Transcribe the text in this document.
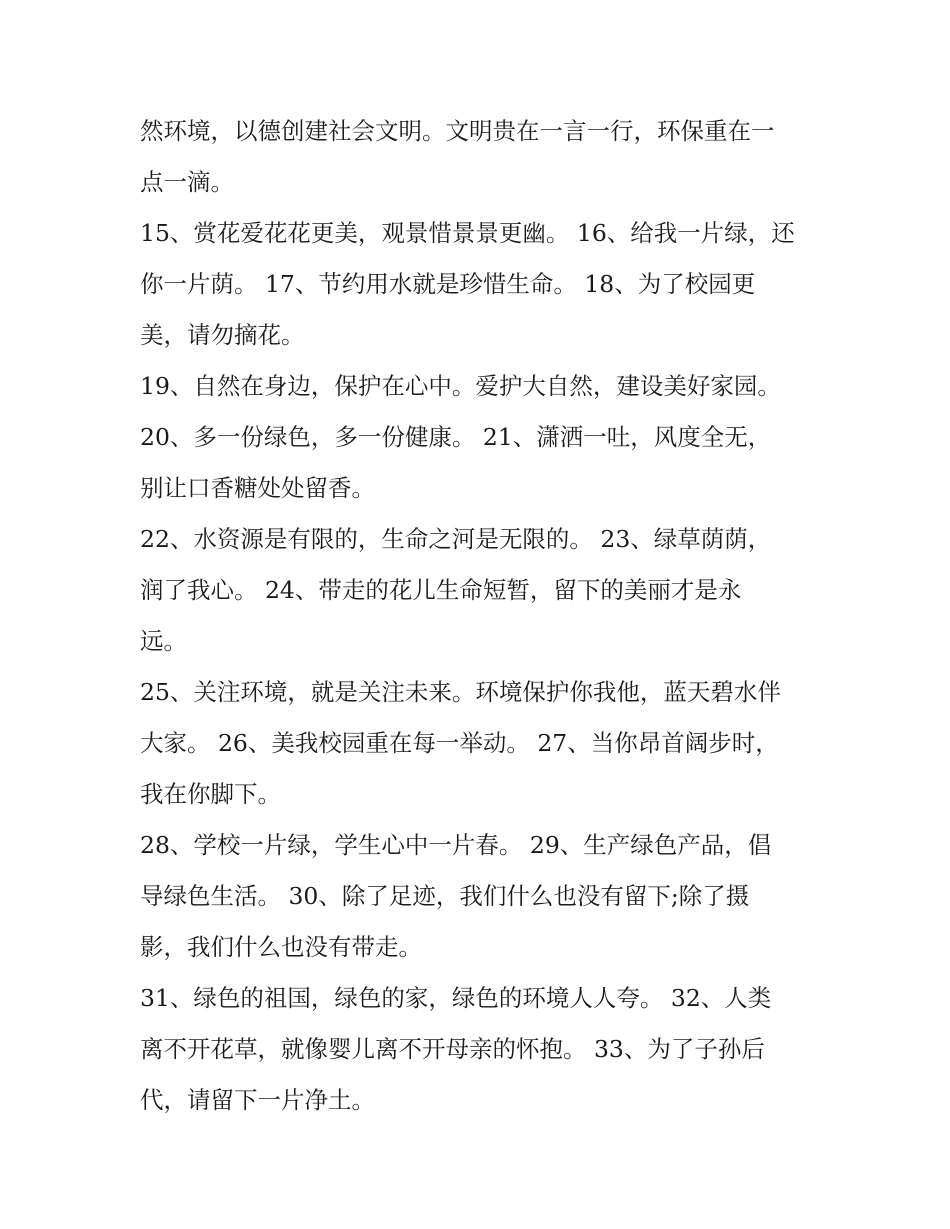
然环境，以德创建社会文明。文明贵在一言一行，环保重在一
点一滴。
15、赏花爱花花更美，观景惜景景更幽。 16、给我一片绿，还
你一片荫。 17、节约用水就是珍惜生命。 18、为了校园更
美，请勿摘花。
19、自然在身边，保护在心中。爱护大自然，建设美好家园。
20、多一份绿色，多一份健康。 21、潇洒一吐，风度全无，
别让口香糖处处留香。
22、水资源是有限的，生命之河是无限的。 23、绿草荫荫，
润了我心。 24、带走的花儿生命短暂，留下的美丽才是永
远。
25、关注环境，就是关注未来。环境保护你我他，蓝天碧水伴
大家。 26、美我校园重在每一举动。 27、当你昂首阔步时，
我在你脚下。
28、学校一片绿，学生心中一片春。 29、生产绿色产品，倡
导绿色生活。 30、除了足迹，我们什么也没有留下;除了摄
影，我们什么也没有带走。
31、绿色的祖国，绿色的家，绿色的环境人人夸。 32、人类
离不开花草，就像婴儿离不开母亲的怀抱。 33、为了子孙后
代，请留下一片净土。
